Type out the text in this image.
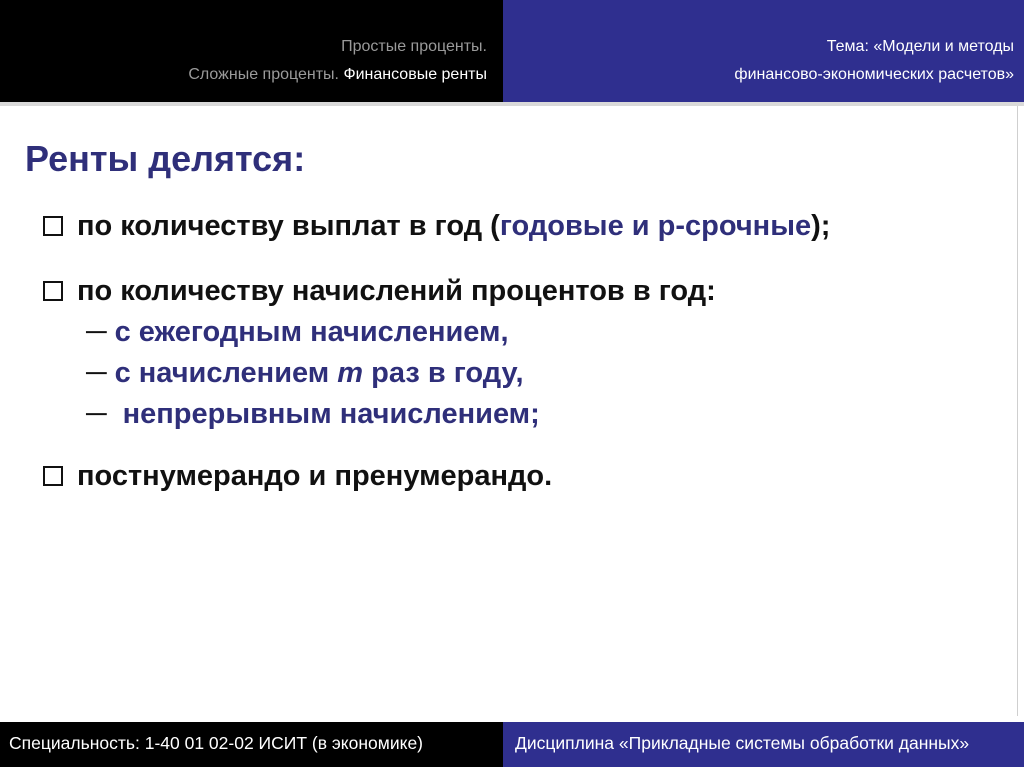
Простые проценты.
Сложные проценты. Финансовые ренты
Тема: «Модели и методы
финансово-экономических расчетов»
Ренты делятся:
по количеству выплат в год (годовые и р-срочные);
по количеству начислений процентов в год:
─ с ежегодным начислением,
─ с начислением m раз в году,
─ непрерывным начислением;
постнумерандо и пренумерандо.
Специальность: 1-40 01 02-02 ИСИТ (в экономике)	Дисциплина «Прикладные системы обработки данных»
